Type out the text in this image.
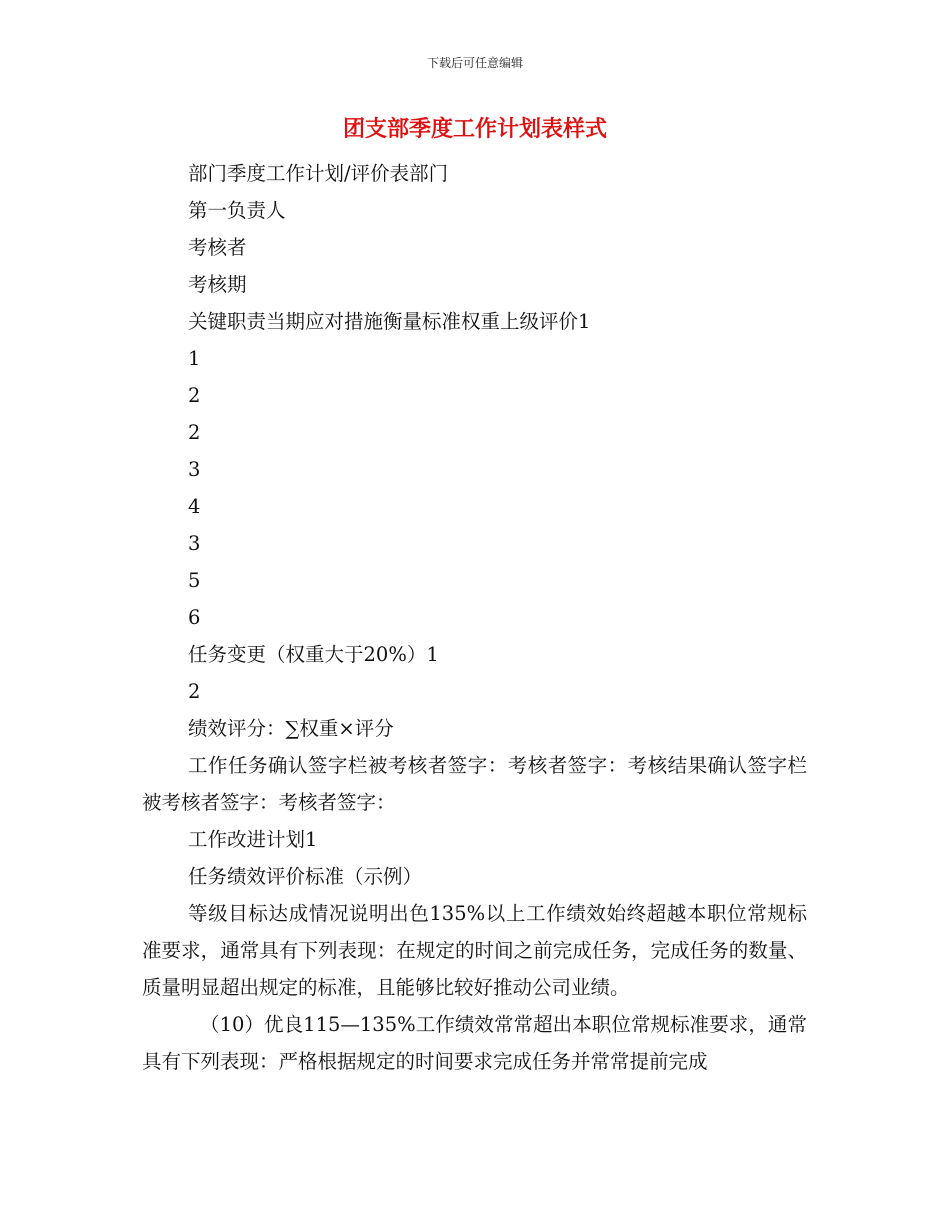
下载后可任意编辑
团支部季度工作计划表样式
部门季度工作计划/评价表部门
第一负责人
考核者
考核期
关键职责当期应对措施衡量标准权重上级评价1
1
2
2
3
4
3
5
6
任务变更（权重大于20%）1
2
绩效评分：∑权重×评分
工作任务确认签字栏被考核者签字：考核者签字：考核结果确认签字栏被考核者签字：考核者签字：
工作改进计划1
任务绩效评价标准（示例）
等级目标达成情况说明出色135%以上工作绩效始终超越本职位常规标准要求，通常具有下列表现：在规定的时间之前完成任务，完成任务的数量、质量明显超出规定的标准，且能够比较好推动公司业绩。
（10）优良115—135%工作绩效常常超出本职位常规标准要求，通常具有下列表现：严格根据规定的时间要求完成任务并常常提前完成
